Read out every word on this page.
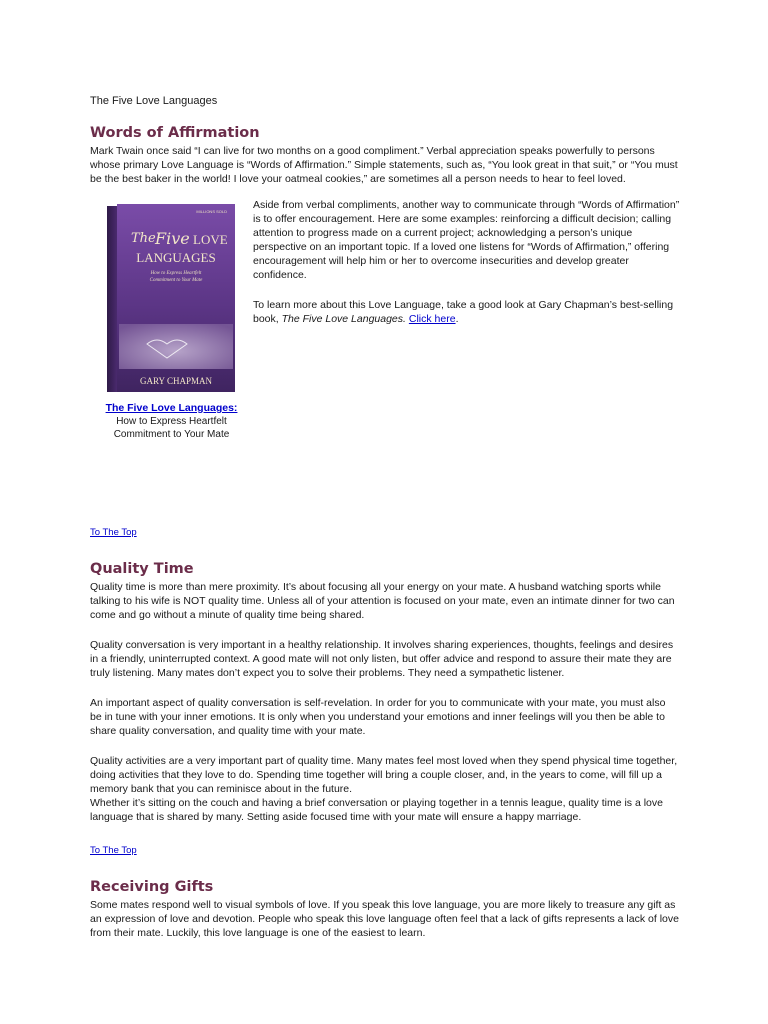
The Five Love Languages
Words of Affirmation

Mark Twain once said “I can live for two months on a good compliment.” Verbal appreciation speaks powerfully to persons whose primary Love Language is “Words of Affirmation.” Simple statements, such as, “You look great in that suit,” or “You must be the best baker in the world! I love your oatmeal cookies,” are sometimes all a person needs to hear to feel loved.

MILLIONS SOLD
The Five LOVE
LANGUAGES
How to Express Heartfelt
Commitment to Your Mate
GARY CHAPMAN
The Five Love Languages:
How to Express Heartfelt
Commitment to Your Mate

Aside from verbal compliments, another way to communicate through “Words of Affirmation” is to offer encouragement. Here are some examples: reinforcing a difficult decision; calling attention to progress made on a current project; acknowledging a person’s unique perspective on an important topic. If a loved one listens for “Words of Affirmation,” offering encouragement will help him or her to overcome insecurities and develop greater confidence.

To learn more about this Love Language, take a good look at Gary Chapman’s best-selling book, The Five Love Languages. Click here.

To The Top
Quality Time

Quality time is more than mere proximity. It’s about focusing all your energy on your mate. A husband watching sports while talking to his wife is NOT quality time. Unless all of your attention is focused on your mate, even an intimate dinner for two can come and go without a minute of quality time being shared.

Quality conversation is very important in a healthy relationship. It involves sharing experiences, thoughts, feelings and desires in a friendly, uninterrupted context. A good mate will not only listen, but offer advice and respond to assure their mate they are truly listening. Many mates don’t expect you to solve their problems. They need a sympathetic listener.

An important aspect of quality conversation is self-revelation. In order for you to communicate with your mate, you must also be in tune with your inner emotions. It is only when you understand your emotions and inner feelings will you then be able to share quality conversation, and quality time with your mate.

Quality activities are a very important part of quality time. Many mates feel most loved when they spend physical time together, doing activities that they love to do. Spending time together will bring a couple closer, and, in the years to come, will fill up a memory bank that you can reminisce about in the future.

Whether it’s sitting on the couch and having a brief conversation or playing together in a tennis league, quality time is a love language that is shared by many. Setting aside focused time with your mate will ensure a happy marriage.

To The Top
Receiving Gifts

Some mates respond well to visual symbols of love. If you speak this love language, you are more likely to treasure any gift as an expression of love and devotion. People who speak this love language often feel that a lack of gifts represents a lack of love from their mate. Luckily, this love language is one of the easiest to learn.
